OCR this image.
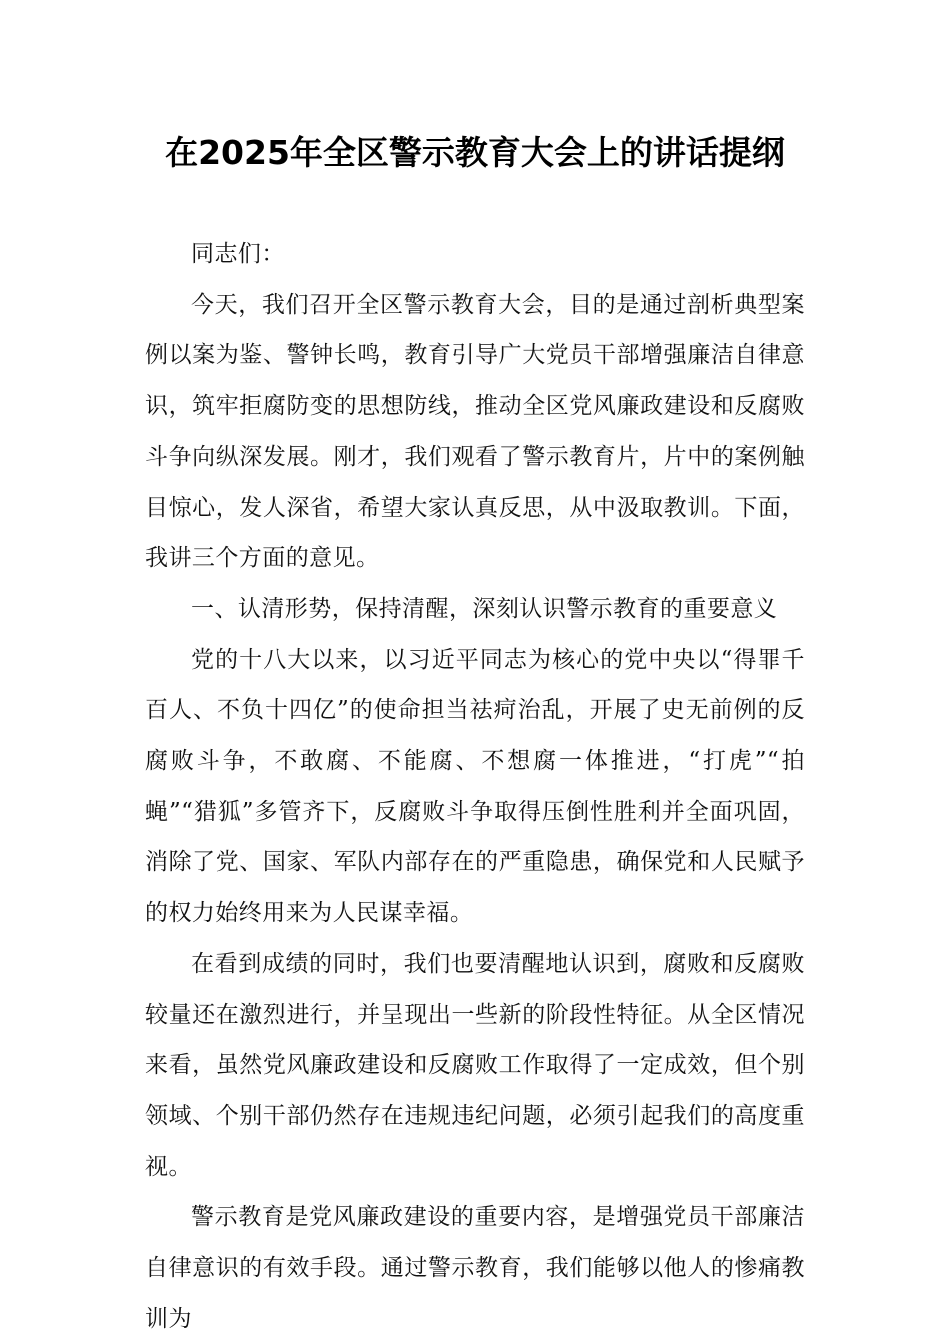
在2025年全区警示教育大会上的讲话提纲

同志们：

今天，我们召开全区警示教育大会，目的是通过剖析典型案例以案为鉴、警钟长鸣，教育引导广大党员干部增强廉洁自律意识，筑牢拒腐防变的思想防线，推动全区党风廉政建设和反腐败斗争向纵深发展。刚才，我们观看了警示教育片，片中的案例触目惊心，发人深省，希望大家认真反思，从中汲取教训。下面，我讲三个方面的意见。

一、认清形势，保持清醒，深刻认识警示教育的重要意义

党的十八大以来，以习近平同志为核心的党中央以“得罪千百人、不负十四亿”的使命担当祛疴治乱，开展了史无前例的反腐败斗争，不敢腐、不能腐、不想腐一体推进，“打虎”“拍蝇”“猎狐”多管齐下，反腐败斗争取得压倒性胜利并全面巩固，消除了党、国家、军队内部存在的严重隐患，确保党和人民赋予的权力始终用来为人民谋幸福。

在看到成绩的同时，我们也要清醒地认识到，腐败和反腐败较量还在激烈进行，并呈现出一些新的阶段性特征。从全区情况来看，虽然党风廉政建设和反腐败工作取得了一定成效，但个别领域、个别干部仍然存在违规违纪问题，必须引起我们的高度重视。

警示教育是党风廉政建设的重要内容，是增强党员干部廉洁自律意识的有效手段。通过警示教育，我们能够以他人的惨痛教训为
